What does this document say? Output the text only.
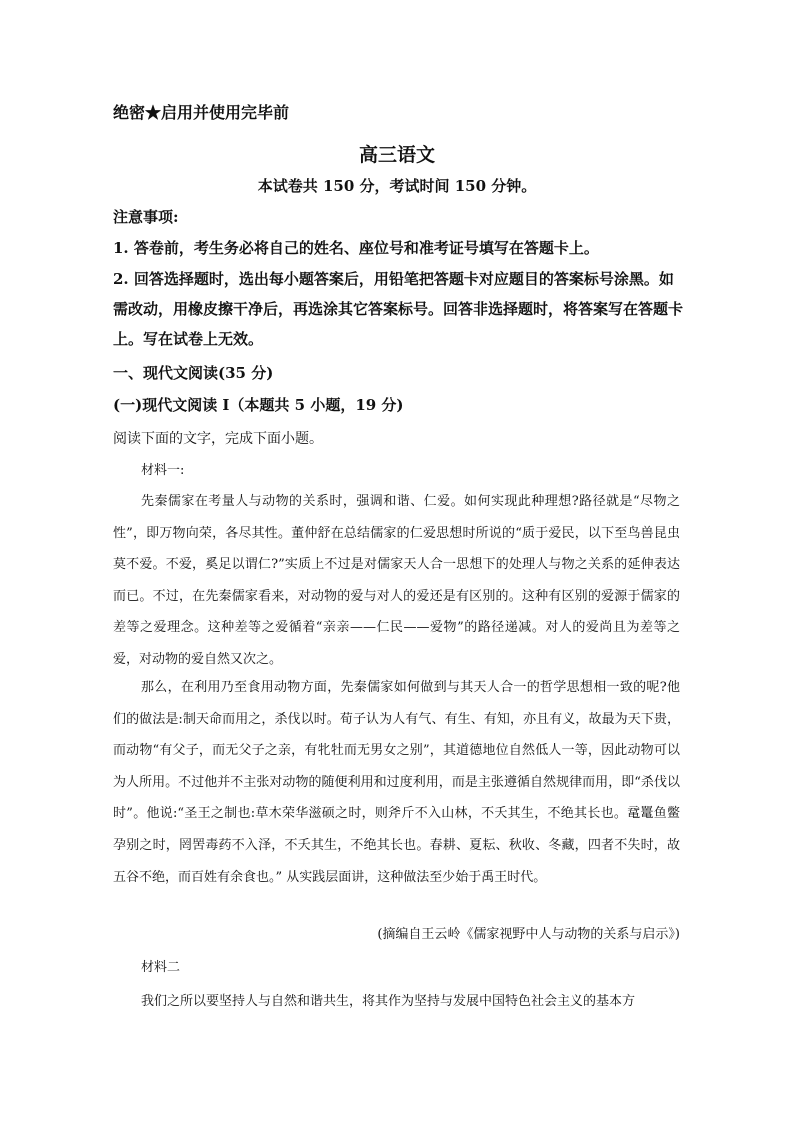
绝密★启用并使用完毕前
高三语文
本试卷共 150 分，考试时间 150 分钟。
注意事项:
1. 答卷前，考生务必将自己的姓名、座位号和准考证号填写在答题卡上。
2. 回答选择题时，选出每小题答案后，用铅笔把答题卡对应题目的答案标号涂黑。如需改动，用橡皮擦干净后，再选涂其它答案标号。回答非选择题时，将答案写在答题卡上。写在试卷上无效。
一、现代文阅读(35 分)
(一)现代文阅读 I（本题共 5 小题，19 分)
阅读下面的文字，完成下面小题。
材料一:
先秦儒家在考量人与动物的关系时，强调和谐、仁爱。如何实现此种理想?路径就是“尽物之性”，即万物向荣，各尽其性。董仲舒在总结儒家的仁爱思想时所说的“质于爱民，以下至鸟兽昆虫莫不爱。不爱，奚足以谓仁?”实质上不过是对儒家天人合一思想下的处理人与物之关系的延伸表达而已。不过，在先秦儒家看来，对动物的爱与对人的爱还是有区别的。这种有区别的爱源于儒家的差等之爱理念。这种差等之爱循着“亲亲——仁民——爱物”的路径递减。对人的爱尚且为差等之爱，对动物的爱自然又次之。
那么，在利用乃至食用动物方面，先秦儒家如何做到与其天人合一的哲学思想相一致的呢?他们的做法是:制天命而用之，杀伐以时。荀子认为人有气、有生、有知，亦且有义，故最为天下贵，而动物“有父子，而无父子之亲，有牝牡而无男女之别”，其道德地位自然低人一等，因此动物可以为人所用。不过他并不主张对动物的随便利用和过度利用，而是主张遵循自然规律而用，即“杀伐以时”。他说:“圣王之制也:草木荣华滋硕之时，则斧斤不入山林，不夭其生，不绝其长也。鼋鼍鱼鳖孕别之时，罔罟毒药不入泽，不夭其生，不绝其长也。春耕、夏耘、秋收、冬藏，四者不失时，故五谷不绝，而百姓有余食也。” 从实践层面讲，这种做法至少始于禹王时代。
(摘编自王云岭《儒家视野中人与动物的关系与启示》)
材料二
我们之所以要坚持人与自然和谐共生，将其作为坚持与发展中国特色社会主义的基本方
